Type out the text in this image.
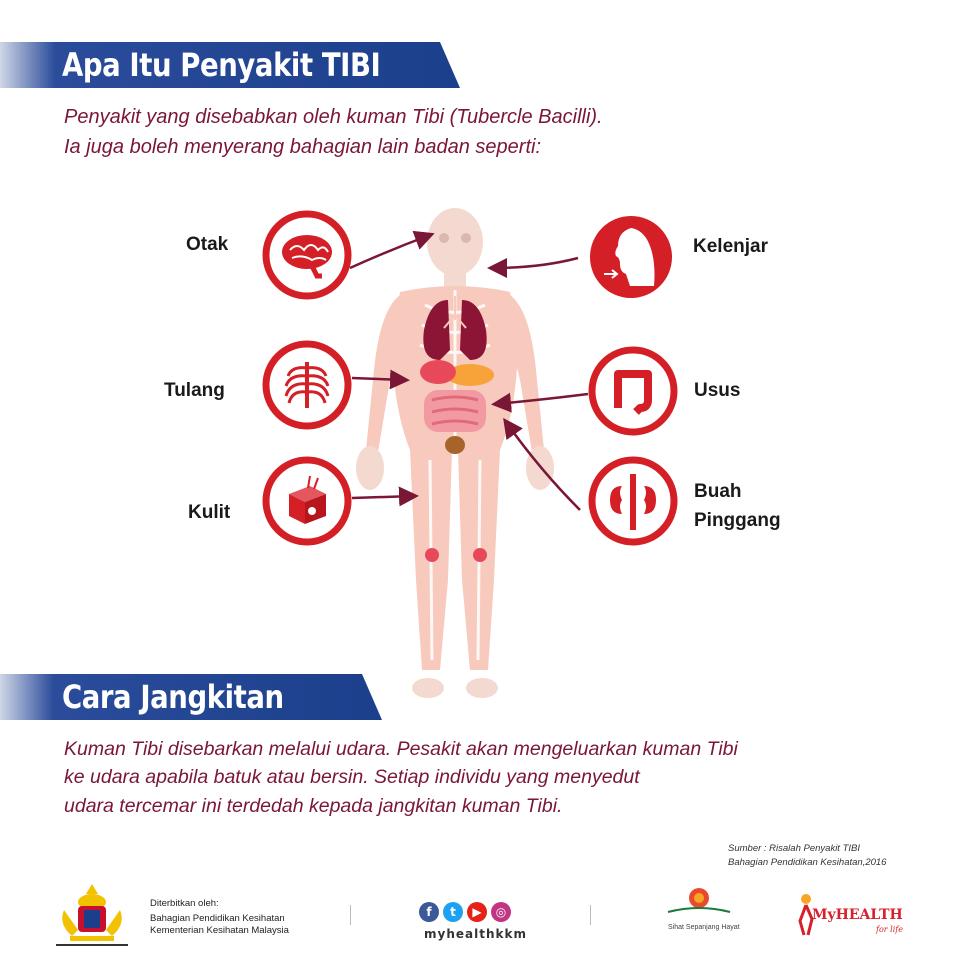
Apa Itu Penyakit TIBI
Penyakit yang disebabkan oleh kuman Tibi (Tubercle Bacilli).
Ia juga boleh menyerang bahagian lain badan seperti:
Otak
Tulang
Kulit
Kelenjar
Usus
Buah
Pinggang
Cara Jangkitan
Kuman Tibi disebarkan melalui udara. Pesakit akan mengeluarkan kuman Tibi
ke udara apabila batuk atau bersin. Setiap individu yang menyedut
udara tercemar ini terdedah kepada jangkitan kuman Tibi.
Sumber : Risalah Penyakit TIBI
Bahagian Pendidikan Kesihatan,2016
Diterbitkan oleh:
Bahagian Pendidikan Kesihatan
Kementerian Kesihatan Malaysia
f	t	▶	◎
myhealthkkm	Sihat Sepanjang Hayat
MyHEALTH
for life
